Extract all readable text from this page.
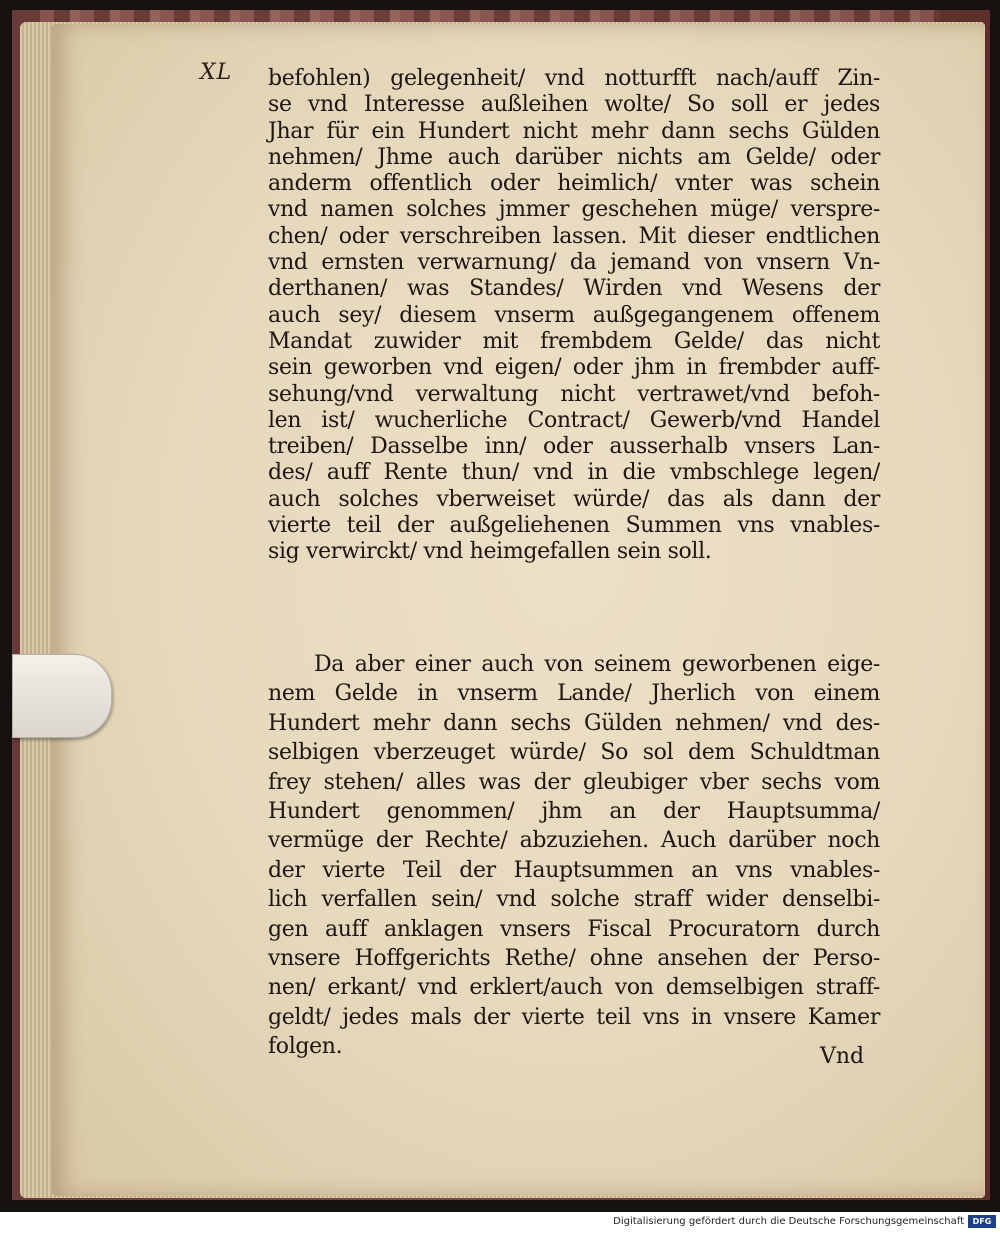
XL befohlen) gelegenheit/ vnd notturfft nach/auff Zin-
se vnd Interesse außleihen wolte/ So soll er jedes
Jhar für ein Hundert nicht mehr dann sechs Gülden
nehmen/ Jhme auch darüber nichts am Gelde/ oder
anderm offentlich oder heimlich/ vnter was schein
vnd namen solches jmmer geschehen müge/ verspre-
chen/ oder verschreiben lassen. Mit dieser endtlichen
vnd ernsten verwarnung/ da jemand von vnsern Vn-
derthanen/ was Standes/ Wirden vnd Wesens der
auch sey/ diesem vnserm außgegangenem offenem
Mandat zuwider mit frembdem Gelde/ das nicht
sein geworben vnd eigen/ oder jhm in frembder auff-
sehung/vnd verwaltung nicht vertrawet/vnd befoh-
len ist/ wucherliche Contract/ Gewerb/vnd Handel
treiben/ Dasselbe inn/ oder ausserhalb vnsers Lan-
des/ auff Rente thun/ vnd in die vmbschlege legen/
auch solches vberweiset würde/ das als dann der
vierte teil der außgeliehenen Summen vns vnables-
sig verwirckt/ vnd heimgefallen sein soll.
Da aber einer auch von seinem geworbenen eige-
nem Gelde in vnserm Lande/ Jherlich von einem
Hundert mehr dann sechs Gülden nehmen/ vnd des-
selbigen vberzeuget würde/ So sol dem Schuldtman
frey stehen/ alles was der gleubiger vber sechs vom
Hundert genommen/ jhm an der Hauptsumma/
vermüge der Rechte/ abzuziehen. Auch darüber noch
der vierte Teil der Hauptsummen an vns vnables-
lich verfallen sein/ vnd solche straff wider denselbi-
gen auff anklagen vnsers Fiscal Procuratorn durch
vnsere Hoffgerichts Rethe/ ohne ansehen der Perso-
nen/ erkant/ vnd erklert/auch von demselbigen straff-
geldt/ jedes mals der vierte teil vns in vnsere Kamer
folgen.	Vnd
Digitalisierung gefördert durch die Deutsche Forschungsgemeinschaft	DFG
